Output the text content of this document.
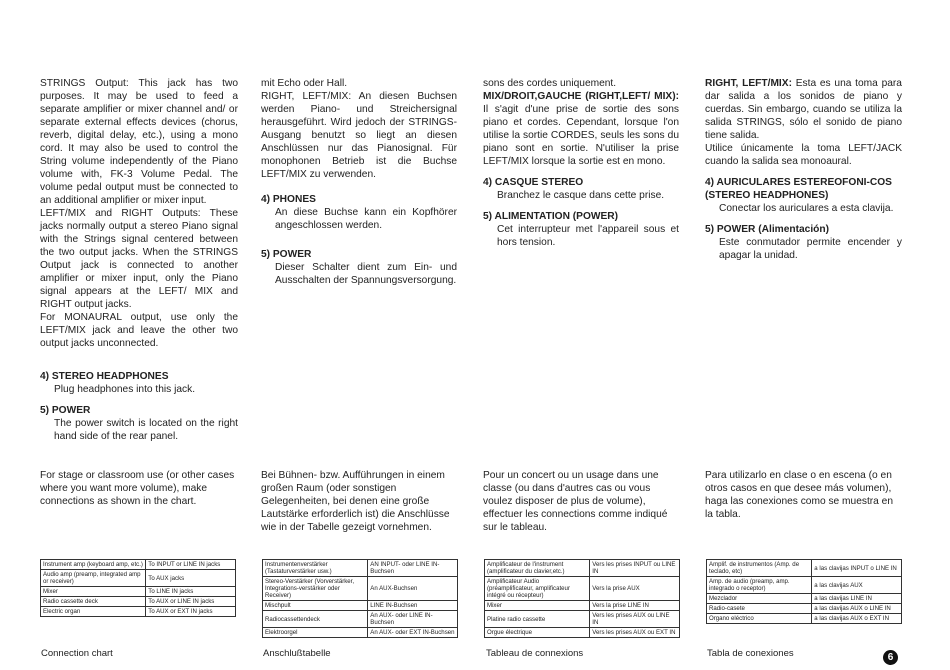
STRINGS Output: This jack has two purposes. It may be used to feed a separate amplifier or mixer channel and/ or separate external effects devices (chorus, reverb, digital delay, etc.), using a mono cord. It may also be used to control the String volume independently of the Piano volume with, FK-3 Volume Pedal. The volume pedal output must be connected to an additional amplifier or mixer input.

LEFT/MIX and RIGHT Outputs: These jacks normally output a stereo Piano signal with the Strings signal centered between the two output jacks. When the STRINGS Output jack is connected to another amplifier or mixer input, only the Piano signal appears at the LEFT/ MIX and RIGHT output jacks.

For MONAURAL output, use only the LEFT/MIX jack and leave the other two output jacks unconnected.

4) STEREO HEADPHONES

Plug headphones into this jack.

5) POWER

The power switch is located on the right hand side of the rear panel.

mit Echo oder Hall.

RIGHT, LEFT/MIX: An diesen Buchsen werden Piano- und Streichersignal herausgeführt. Wird jedoch der STRINGS-Ausgang benutzt so liegt an diesen Anschlüssen nur das Pianosignal. Für monophonen Betrieb ist die Buchse LEFT/MIX zu verwenden.

4) PHONES

An diese Buchse kann ein Kopfhörer angeschlossen werden.

5) POWER

Dieser Schalter dient zum Ein- und Ausschalten der Spannungsversorgung.

sons des cordes uniquement.

MIX/DROIT,GAUCHE (RIGHT,LEFT/ MIX): Il s'agit d'une prise de sortie des sons piano et cordes. Cependant, lorsque l'on utilise la sortie CORDES, seuls les sons du piano sont en sortie. N'utiliser la prise LEFT/MIX lorsque la sortie est en mono.

4) CASQUE STEREO

Branchez le casque dans cette prise.

5) ALIMENTATION (POWER)

Cet interrupteur met l'appareil sous et hors tension.

RIGHT, LEFT/MIX: Esta es una toma para dar salida a los sonidos de piano y cuerdas. Sin embargo, cuando se utiliza la salida STRINGS, sólo el sonido de piano tiene salida.

Utilice únicamente la toma LEFT/JACK cuando la salida sea monoaural.

4) AURICULARES ESTEREOFONI-COS (STEREO HEADPHONES)

Conectar los auriculares a esta clavija.

5) POWER (Alimentación)

Este conmutador permite encender y apagar la unidad.

For stage or classroom use (or other cases where you want more volume), make connections as shown in the chart.
Bei Bühnen- bzw. Aufführungen in einem großen Raum (oder sonstigen Gelegenheiten, bei denen eine große Lautstärke erforderlich ist) die Anschlüsse wie in der Tabelle gezeigt vornehmen.
Pour un concert ou un usage dans une classe (ou dans d'autres cas ou vous voulez disposer de plus de volume), effectuer les connections comme indiqué sur le tableau.
Para utilizarlo en clase o en escena (o en otros casos en que desee más volumen), haga las conexiones como se muestra en la tabla.
Instrument amp (keyboard amp, etc.)	To INPUT or LINE IN jacks
Audio amp (preamp, integrated amp or receiver)	To AUX jacks
Mixer	To LINE IN jacks
Radio cassette deck	To AUX or LINE IN jacks
Electric organ	To AUX or EXT IN jacks
Instrumentenverstärker (Tastaturverstärker usw.)	AN INPUT- oder LINE IN-Buchsen
Stereo-Verstärker (Vorverstärker, Integrations-verstärker oder Receiver)	An AUX-Buchsen
Mischpult	LINE IN-Buchsen
Radiocassettendeck	An AUX- oder LINE IN-Buchsen
Elektroorgel	An AUX- oder EXT IN-Buchsen
Amplificateur de l'instrument (amplificateur du clavier,etc.)	Vers les prises INPUT ou LINE IN
Amplificateur Audio (préamplificateur, amplificateur intégré ou récepteur)	Vers la prise AUX
Mixer	Vers la prise LINE IN
Platine radio cassette	Vers les prises AUX ou LINE IN
Orgue électrique	Vers les prises AUX ou EXT IN
Amplif. de instrumentos (Amp. de teclado, etc)	a las clavijas INPUT o LINE IN
Amp. de audio (preamp, amp. integrado o receptor)	a las clavijas AUX
Mezclador	a las clavijas LINE IN
Radio-casete	a las clavijas AUX o LINE IN
Organo eléctrico	a las clavijas AUX o EXT IN
Connection chart	Anschlußtabelle	Tableau de connexions	Tabla de conexiones	6
